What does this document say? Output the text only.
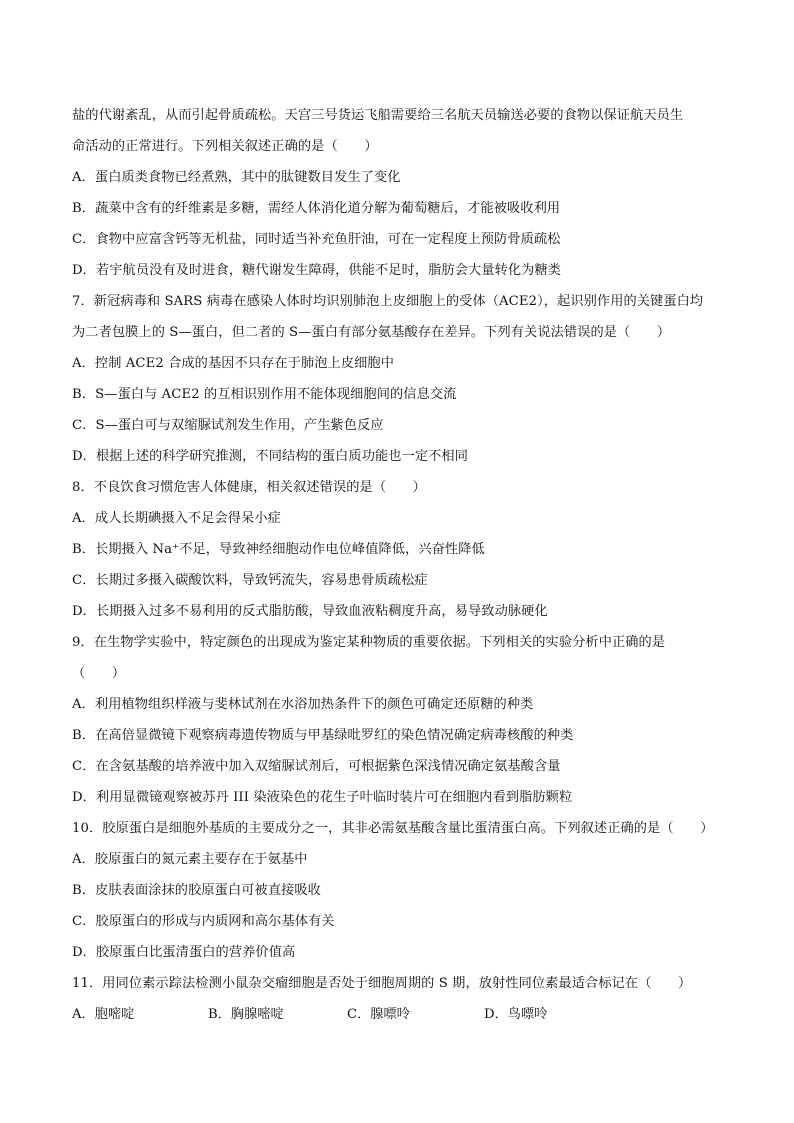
盐的代谢紊乱，从而引起骨质疏松。天宫三号货运飞船需要给三名航天员输送必要的食物以保证航天员生
命活动的正常进行。下列相关叙述正确的是（　　）
A．蛋白质类食物已经煮熟，其中的肽键数目发生了变化
B．蔬菜中含有的纤维素是多糖，需经人体消化道分解为葡萄糖后，才能被吸收利用
C．食物中应富含钙等无机盐，同时适当补充鱼肝油，可在一定程度上预防骨质疏松
D．若宇航员没有及时进食，糖代谢发生障碍，供能不足时，脂肪会大量转化为糖类
7．新冠病毒和 SARS 病毒在感染人体时均识别肺泡上皮细胞上的受体（ACE2），起识别作用的关键蛋白均
为二者包膜上的 S—蛋白，但二者的 S—蛋白有部分氨基酸存在差异。下列有关说法错误的是（　　）
A．控制 ACE2 合成的基因不只存在于肺泡上皮细胞中
B．S—蛋白与 ACE2 的互相识别作用不能体现细胞间的信息交流
C．S—蛋白可与双缩脲试剂发生作用，产生紫色反应
D．根据上述的科学研究推测，不同结构的蛋白质功能也一定不相同
8．不良饮食习惯危害人体健康，相关叙述错误的是（　　）
A．成人长期碘摄入不足会得呆小症
B．长期摄入 Na⁺不足，导致神经细胞动作电位峰值降低，兴奋性降低
C．长期过多摄入碳酸饮料，导致钙流失，容易患骨质疏松症
D．长期摄入过多不易利用的反式脂肪酸，导致血液粘稠度升高，易导致动脉硬化
9．在生物学实验中，特定颜色的出现成为鉴定某种物质的重要依据。下列相关的实验分析中正确的是
（　　）
A．利用植物组织样液与斐林试剂在水浴加热条件下的颜色可确定还原糖的种类
B．在高倍显微镜下观察病毒遗传物质与甲基绿吡罗红的染色情况确定病毒核酸的种类
C．在含氨基酸的培养液中加入双缩脲试剂后，可根据紫色深浅情况确定氨基酸含量
D．利用显微镜观察被苏丹 III 染液染色的花生子叶临时装片可在细胞内看到脂肪颗粒
10．胶原蛋白是细胞外基质的主要成分之一，其非必需氨基酸含量比蛋清蛋白高。下列叙述正确的是（　　）
A．胶原蛋白的氮元素主要存在于氨基中
B．皮肤表面涂抹的胶原蛋白可被直接吸收
C．胶原蛋白的形成与内质网和高尔基体有关
D．胶原蛋白比蛋清蛋白的营养价值高
11．用同位素示踪法检测小鼠杂交瘤细胞是否处于细胞周期的 S 期，放射性同位素最适合标记在（　　）
A．胞嘧啶	B．胸腺嘧啶	C．腺嘌呤	D．鸟嘌呤
